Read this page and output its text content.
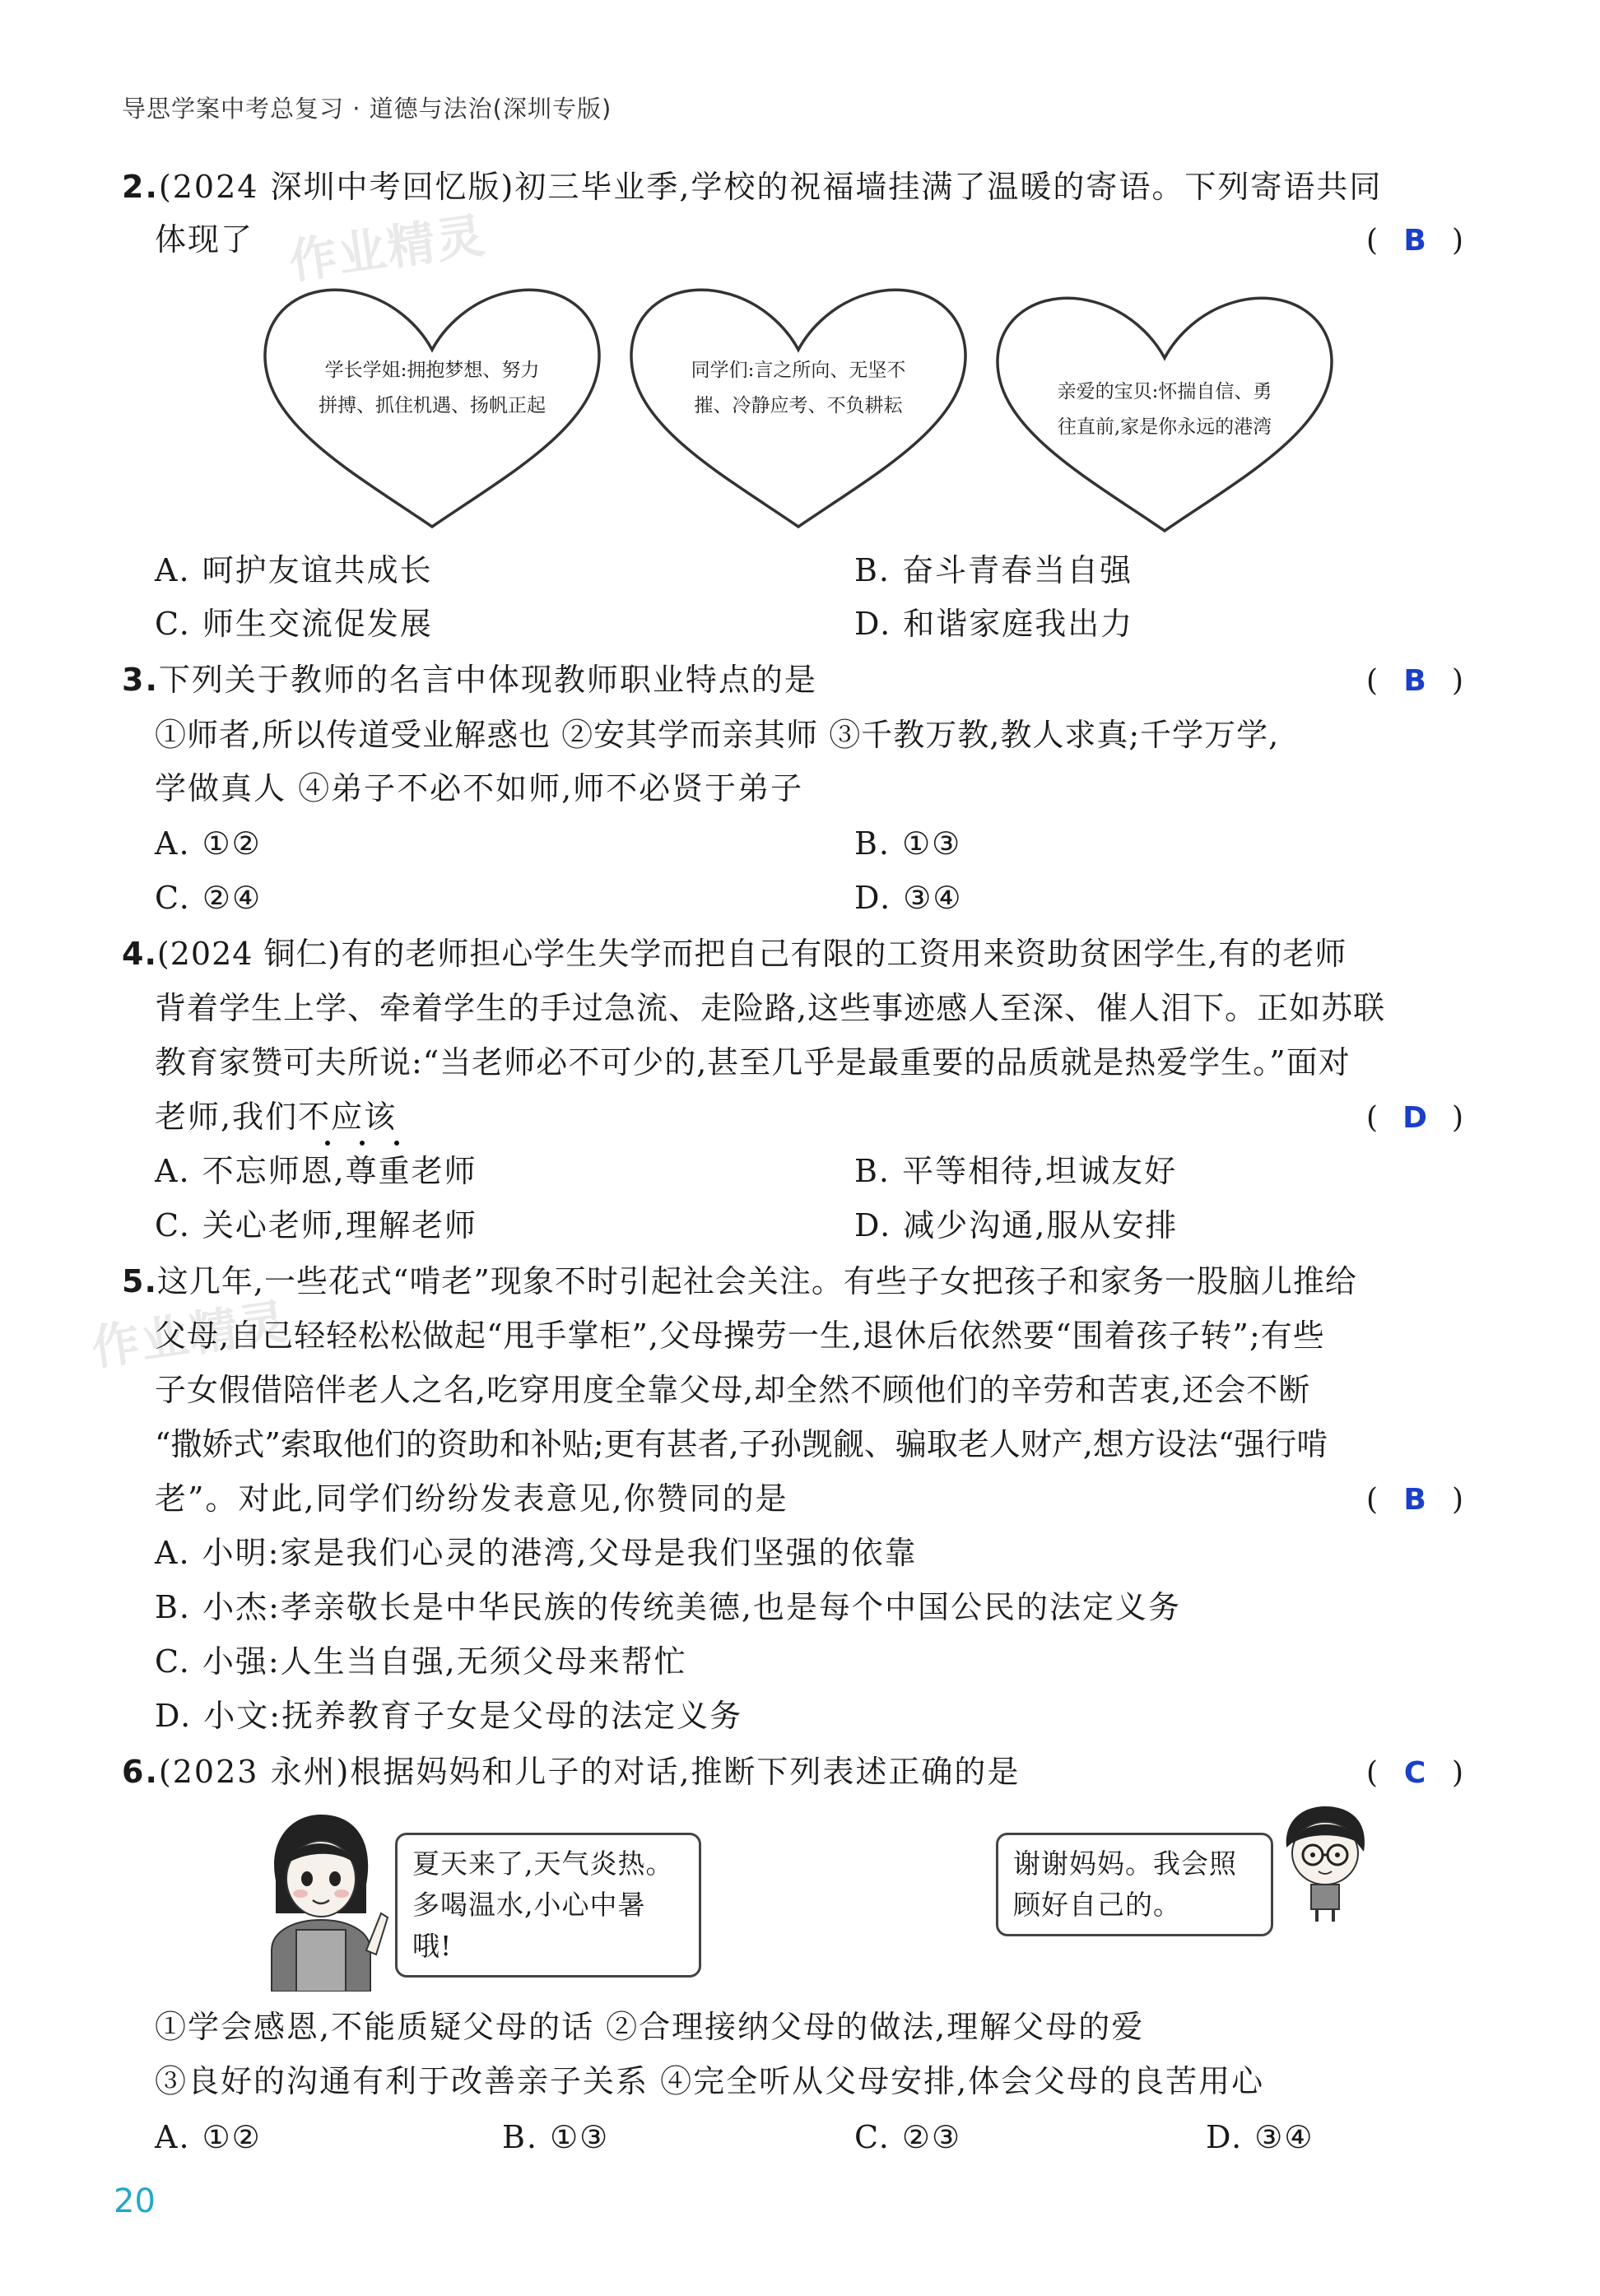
导思学案中考总复习 · 道德与法治(深圳专版)
作业精灵
作业精灵
2.(2024 深圳中考回忆版)初三毕业季,学校的祝福墙挂满了温暖的寄语。下列寄语共同
体现了	( B )
学长学姐:拥抱梦想、努力
拼搏、抓住机遇、扬帆正起
同学们:言之所向、无坚不
摧、冷静应考、不负耕耘
亲爱的宝贝:怀揣自信、勇
往直前,家是你永远的港湾
A. 呵护友谊共成长	B. 奋斗青春当自强
C. 师生交流促发展	D. 和谐家庭我出力
3.下列关于教师的名言中体现教师职业特点的是	( B )
①师者,所以传道受业解惑也 ②安其学而亲其师 ③千教万教,教人求真;千学万学,
学做真人 ④弟子不必不如师,师不必贤于弟子
A. ①②	B. ①③
C. ②④	D. ③④
4.(2024 铜仁)有的老师担心学生失学而把自己有限的工资用来资助贫困学生,有的老师
背着学生上学、牵着学生的手过急流、走险路,这些事迹感人至深、催人泪下。正如苏联
教育家赞可夫所说:“当老师必不可少的,甚至几乎是最重要的品质就是热爱学生。”面对
老师,我们不应该	( D )
A. 不忘师恩,尊重老师	B. 平等相待,坦诚友好
C. 关心老师,理解老师	D. 减少沟通,服从安排
5.这几年,一些花式“啃老”现象不时引起社会关注。有些子女把孩子和家务一股脑儿推给
父母,自己轻轻松松做起“甩手掌柜”,父母操劳一生,退休后依然要“围着孩子转”;有些
子女假借陪伴老人之名,吃穿用度全靠父母,却全然不顾他们的辛劳和苦衷,还会不断
“撒娇式”索取他们的资助和补贴;更有甚者,子孙觊觎、骗取老人财产,想方设法“强行啃
老”。对此,同学们纷纷发表意见,你赞同的是	( B )
A. 小明:家是我们心灵的港湾,父母是我们坚强的依靠
B. 小杰:孝亲敬长是中华民族的传统美德,也是每个中国公民的法定义务
C. 小强:人生当自强,无须父母来帮忙
D. 小文:抚养教育子女是父母的法定义务
6.(2023 永州)根据妈妈和儿子的对话,推断下列表述正确的是	( C )
夏天来了,天气炎热。
多喝温水,小心中暑哦!
谢谢妈妈。我会照
顾好自己的。
①学会感恩,不能质疑父母的话 ②合理接纳父母的做法,理解父母的爱
③良好的沟通有利于改善亲子关系 ④完全听从父母安排,体会父母的良苦用心
A. ①②	B. ①③	C. ②③	D. ③④
20
